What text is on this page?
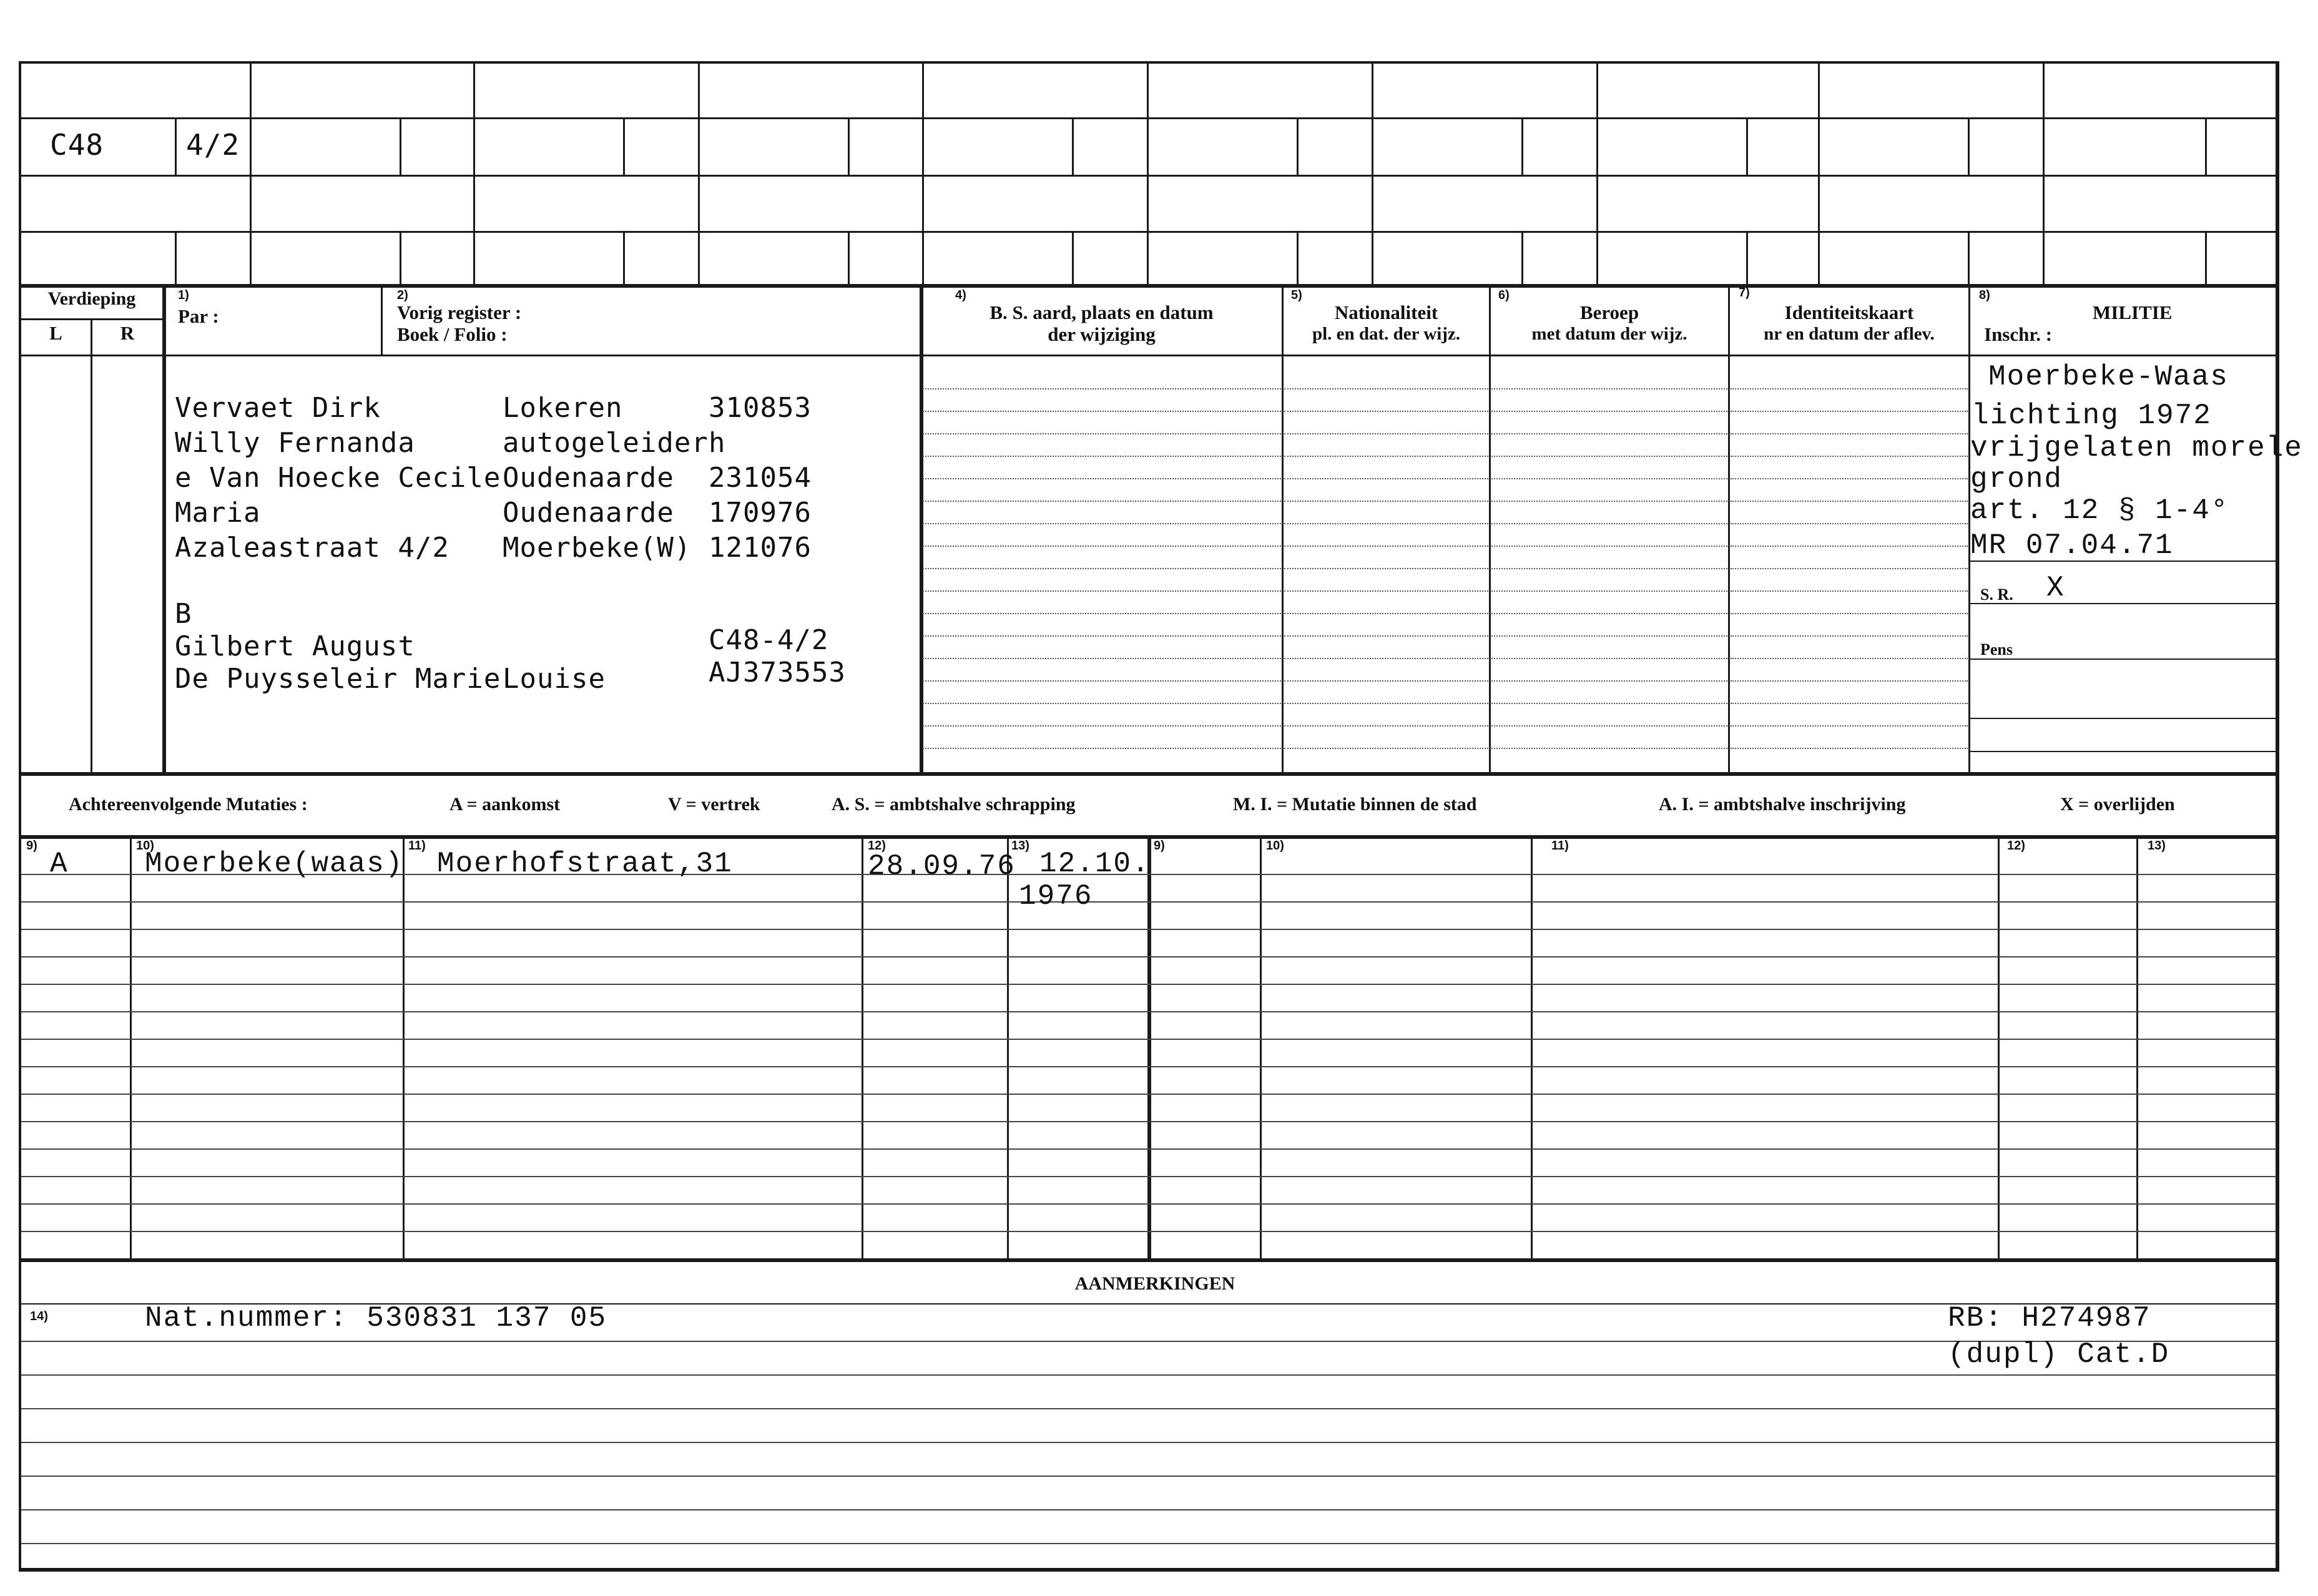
C48	4/2
Verdieping
L	R
1)
Par :
2)
Vorig register :
Boek / Folio :
4)
B. S. aard, plaats en datum
der wijziging
5)
Nationaliteit
pl. en dat. der wijz.
6)
Beroep
met datum der wijz.
7)
Identiteitskaart
nr en datum der aflev.
8)
Inschr. :
MILITIE
Vervaet Dirk	Lokeren	310853
Willy Fernanda	autogeleider h
e Van Hoecke Cecile Oudenaarde 231054
Maria	Oudenaarde 170976
Azaleastraat 4/2 Moerbeke(W) 121076
B
Gilbert August	C48-4/2
De Puysseleir Marie Louise	AJ373553
Moerbeke-Waas
lichting 1972
vrijgelaten morele
grond
art. 12 § 1-4°
MR 07.04.71
S. R. X
Pens
Achtereenvolgende Mutaties :	A = aankomst	V = vertrek	A. S. = ambtshalve schrapping	M. I. = Mutatie binnen de stad	A. I. = ambtshalve inschrijving	X = overlijden
9)	10)	11)	12)	13)	9)	10)	11)	12)	13)
A	Moerbeke(waas) Moerhofstraat,31	28.09.76 12.10.
1976
AANMERKINGEN
14)	Nat.nummer: 530831 137 05	RB: H274987
(dupl) Cat.D
